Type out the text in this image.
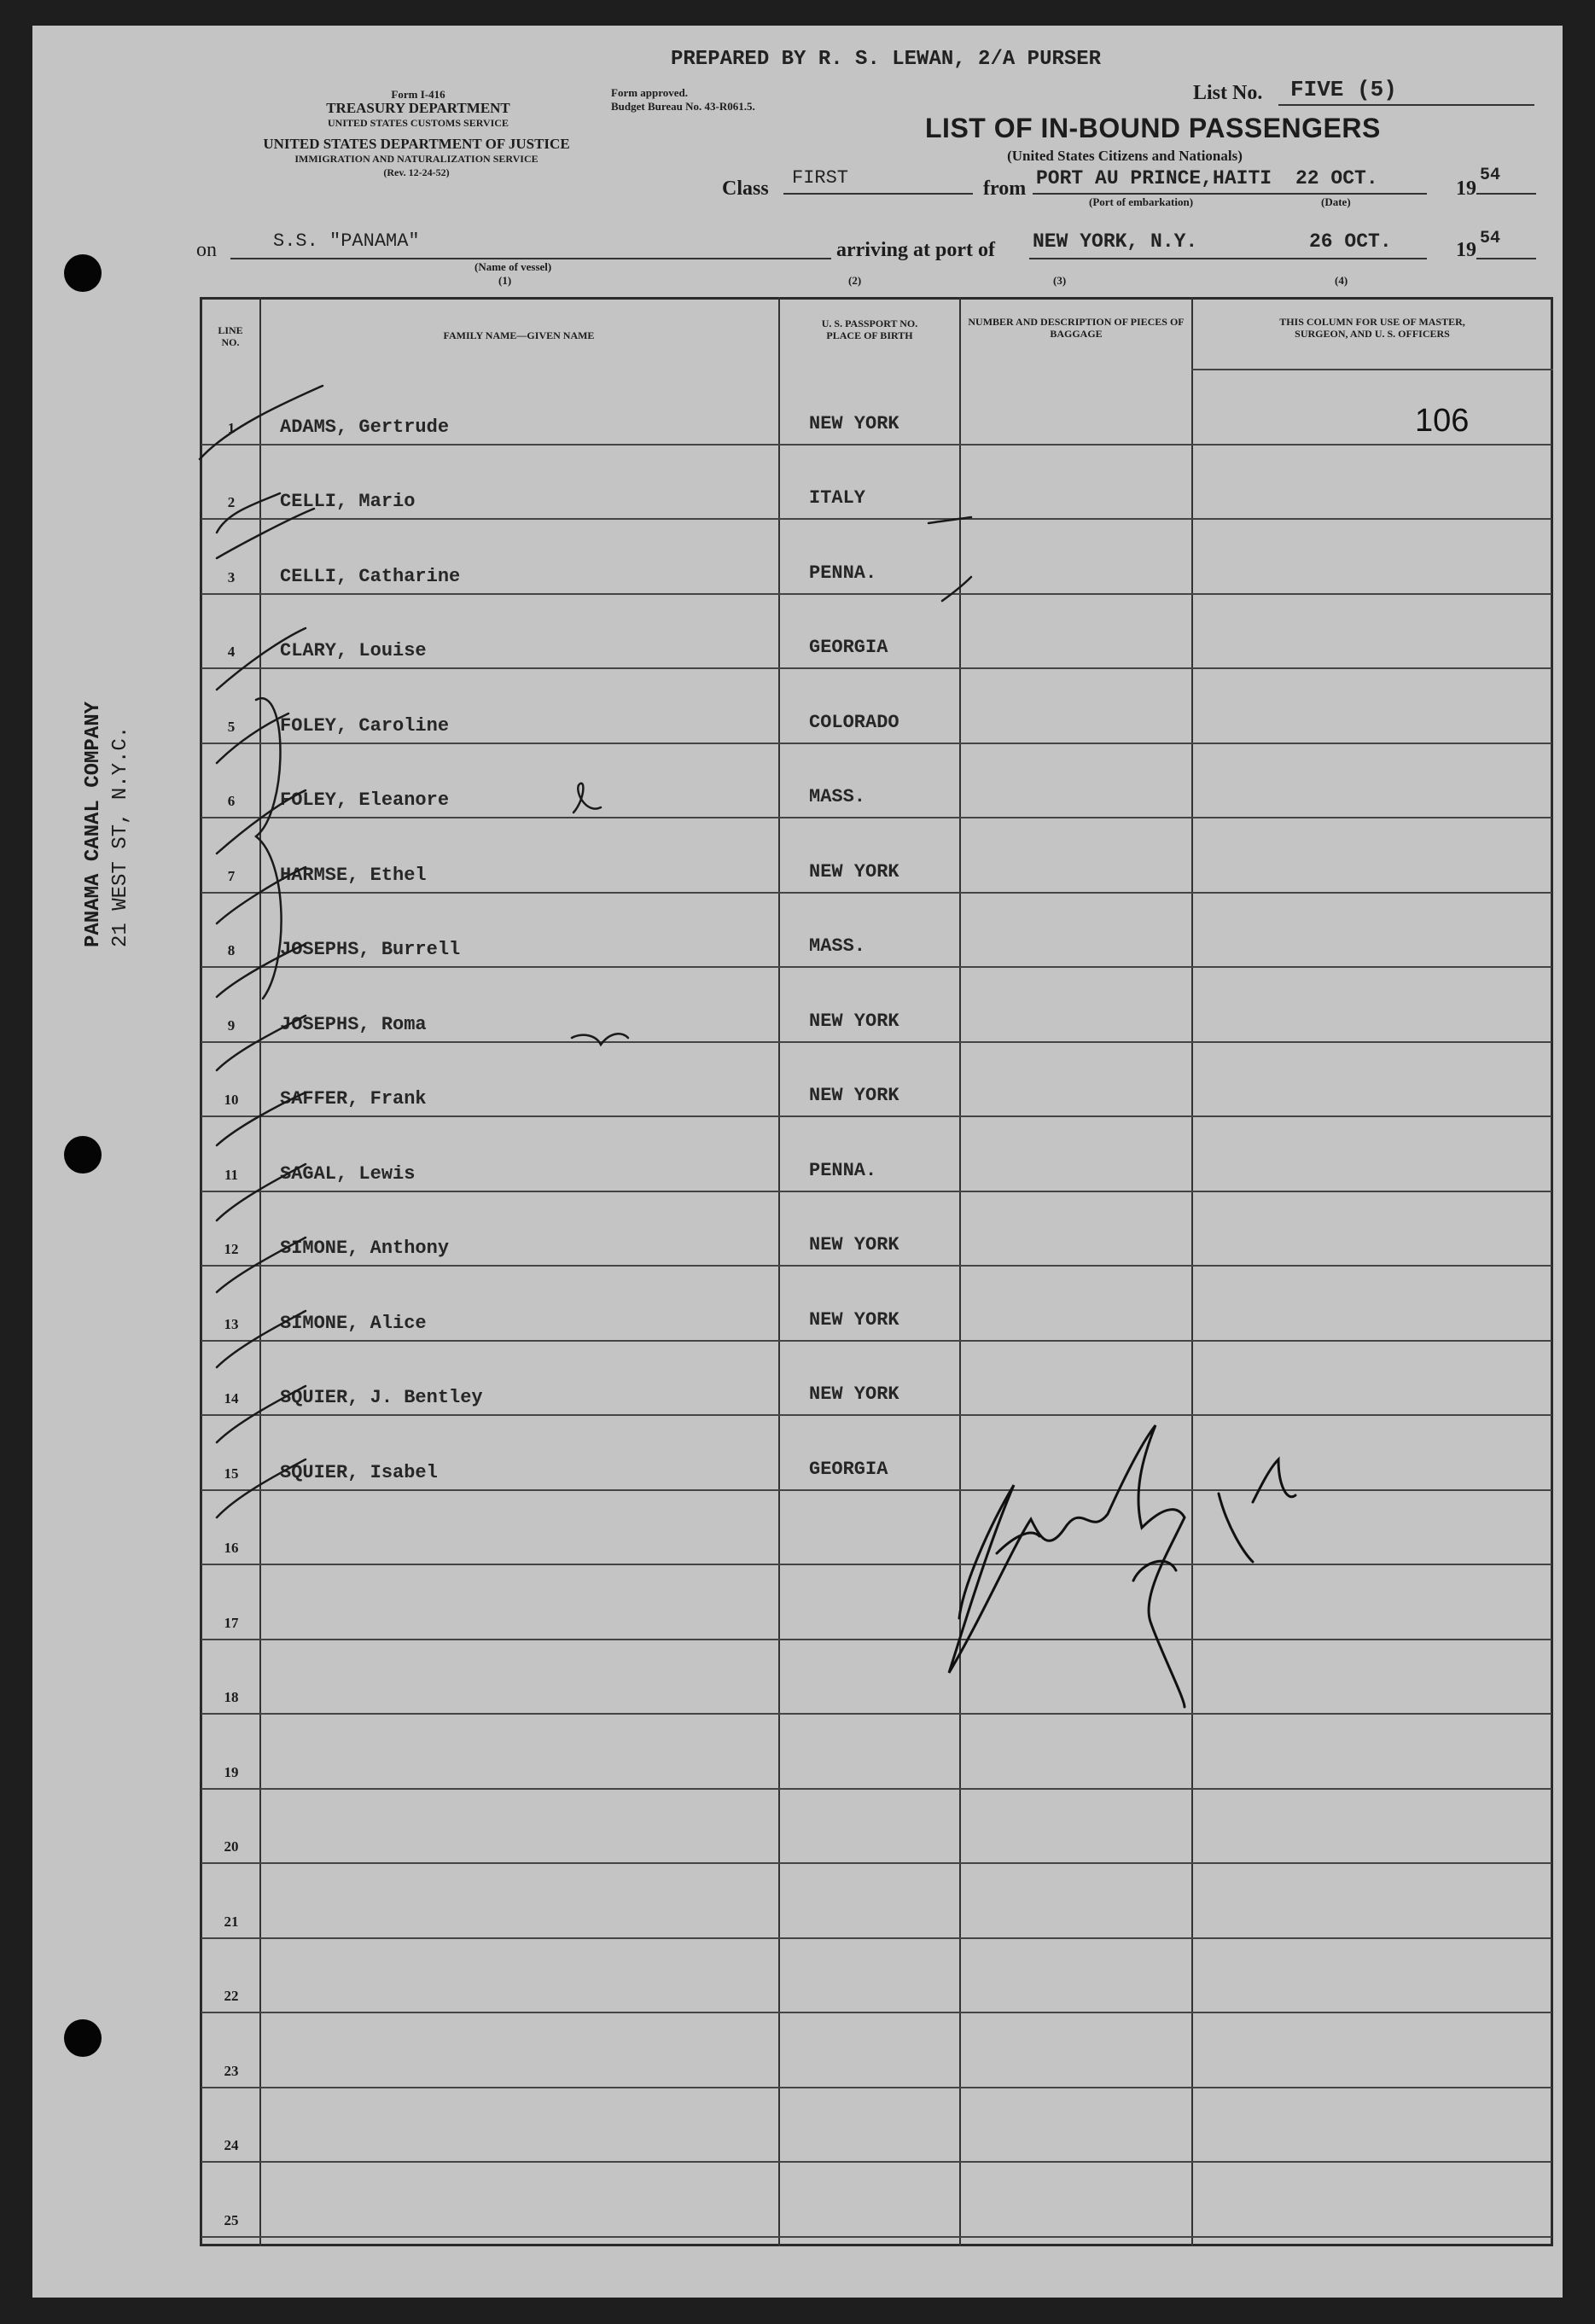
PANAMA CANAL COMPANY 21 WEST ST, N.Y.C.
PREPARED BY R. S. LEWAN, 2/A PURSER
Form I-416
TREASURY DEPARTMENT
UNITED STATES CUSTOMS SERVICE
UNITED STATES DEPARTMENT OF JUSTICE
IMMIGRATION AND NATURALIZATION SERVICE
(Rev. 12-24-52)
Form approved.
Budget Bureau No. 43-R061.5.
List No. FIVE (5)
LIST OF IN-BOUND PASSENGERS
(United States Citizens and Nationals)
Class FIRST	from PORT AU PRINCE,HAITI 22 OCT.	19
54
(Port of embarkation)	(Date)
on	S.S. "PANAMA"	arriving at port of NEW YORK, N.Y.	26 OCT.	19
54
(Name of vessel)
(1)	(2)	(3)	(4)
LINE NO.
FAMILY NAME—GIVEN NAME
U. S. PASSPORT NO. PLACE OF BIRTH
NUMBER AND DESCRIPTION OF PIECES OF BAGGAGE
THIS COLUMN FOR USE OF MASTER, SURGEON, AND U. S. OFFICERS
106
1	ADAMS, Gertrude	NEW YORK
2	CELLI, Mario	ITALY
3	CELLI, Catharine	PENNA.
4	CLARY, Louise	GEORGIA
5	FOLEY, Caroline	COLORADO
6	FOLEY, Eleanore	MASS.
7	HARMSE, Ethel	NEW YORK
8	JOSEPHS, Burrell	MASS.
9	JOSEPHS, Roma	NEW YORK
10	SAFFER, Frank	NEW YORK
11	SAGAL, Lewis	PENNA.
12	SIMONE, Anthony	NEW YORK
13	SIMONE, Alice	NEW YORK
14	SQUIER, J. Bentley	NEW YORK
15	SQUIER, Isabel	GEORGIA
16
17
18
19
20
21
22
23
24
25
